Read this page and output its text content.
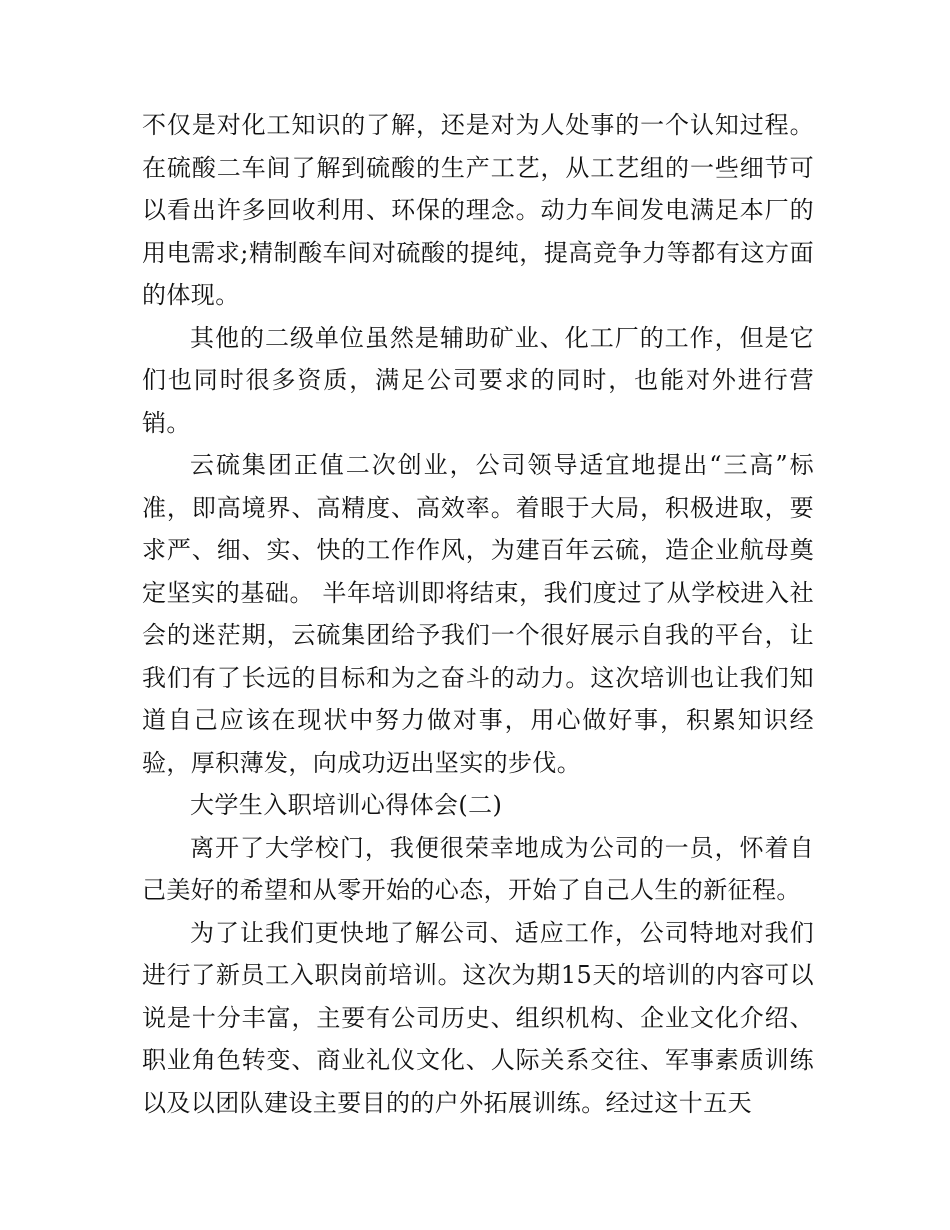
不仅是对化工知识的了解，还是对为人处事的一个认知过程。在硫酸二车间了解到硫酸的生产工艺，从工艺组的一些细节可以看出许多回收利用、环保的理念。动力车间发电满足本厂的用电需求;精制酸车间对硫酸的提纯，提高竞争力等都有这方面的体现。

其他的二级单位虽然是辅助矿业、化工厂的工作，但是它们也同时很多资质，满足公司要求的同时，也能对外进行营销。

云硫集团正值二次创业，公司领导适宜地提出“三高”标准，即高境界、高精度、高效率。着眼于大局，积极进取，要求严、细、实、快的工作作风，为建百年云硫，造企业航母奠定坚实的基础。 半年培训即将结束，我们度过了从学校进入社会的迷茫期，云硫集团给予我们一个很好展示自我的平台，让我们有了长远的目标和为之奋斗的动力。这次培训也让我们知道自己应该在现状中努力做对事，用心做好事，积累知识经验，厚积薄发，向成功迈出坚实的步伐。

大学生入职培训心得体会(二)

离开了大学校门，我便很荣幸地成为公司的一员，怀着自己美好的希望和从零开始的心态，开始了自己人生的新征程。

为了让我们更快地了解公司、适应工作，公司特地对我们进行了新员工入职岗前培训。这次为期15天的培训的内容可以说是十分丰富，主要有公司历史、组织机构、企业文化介绍、职业角色转变、商业礼仪文化、人际关系交往、军事素质训练以及以团队建设主要目的的户外拓展训练。经过这十五天
